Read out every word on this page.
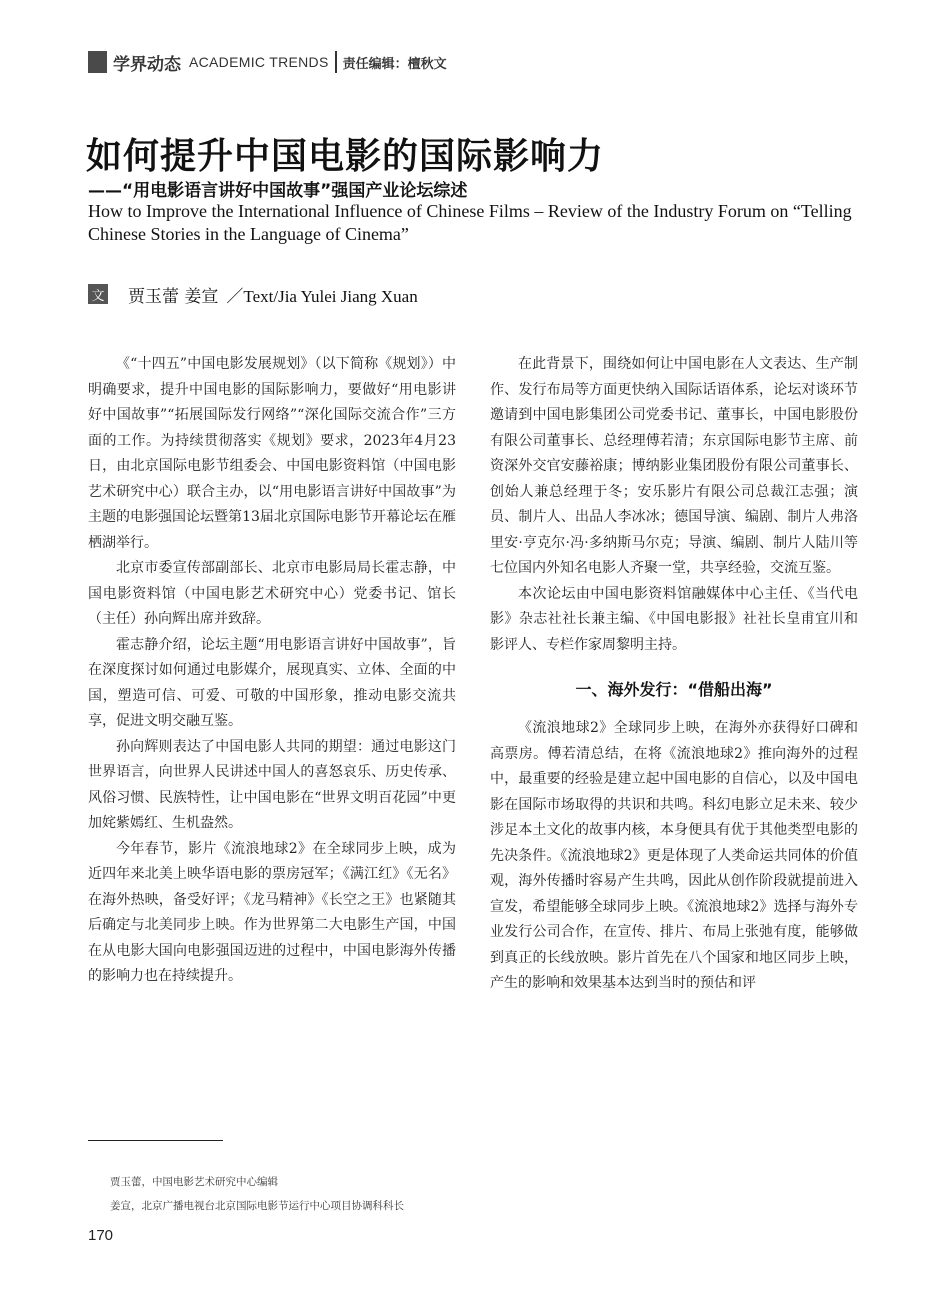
学界动态 ACADEMIC TRENDS 责任编辑：檀秋文
如何提升中国电影的国际影响力
——“用电影语言讲好中国故事”强国产业论坛综述
How to Improve the International Influence of Chinese Films – Review of the Industry Forum on “Telling Chinese Stories in the Language of Cinema”
文 贾玉蕾 姜宣 ／Text/Jia Yulei Jiang Xuan

《“十四五”中国电影发展规划》（以下简称《规划》）中明确要求，提升中国电影的国际影响力，要做好“用电影讲好中国故事”“拓展国际发行网络”“深化国际交流合作”三方面的工作。为持续贯彻落实《规划》要求，2023年4月23日，由北京国际电影节组委会、中国电影资料馆（中国电影艺术研究中心）联合主办，以“用电影语言讲好中国故事”为主题的电影强国论坛暨第13届北京国际电影节开幕论坛在雁栖湖举行。

北京市委宣传部副部长、北京市电影局局长霍志静，中国电影资料馆（中国电影艺术研究中心）党委书记、馆长（主任）孙向辉出席并致辞。

霍志静介绍，论坛主题“用电影语言讲好中国故事”，旨在深度探讨如何通过电影媒介，展现真实、立体、全面的中国，塑造可信、可爱、可敬的中国形象，推动电影交流共享，促进文明交融互鉴。

孙向辉则表达了中国电影人共同的期望：通过电影这门世界语言，向世界人民讲述中国人的喜怒哀乐、历史传承、风俗习惯、民族特性，让中国电影在“世界文明百花园”中更加姹紫嫣红、生机盎然。

今年春节，影片《流浪地球2》在全球同步上映，成为近四年来北美上映华语电影的票房冠军；《满江红》《无名》在海外热映，备受好评；《龙马精神》《长空之王》也紧随其后确定与北美同步上映。作为世界第二大电影生产国，中国在从电影大国向电影强国迈进的过程中，中国电影海外传播的影响力也在持续提升。

在此背景下，围绕如何让中国电影在人文表达、生产制作、发行布局等方面更快纳入国际话语体系，论坛对谈环节邀请到中国电影集团公司党委书记、董事长，中国电影股份有限公司董事长、总经理傅若清；东京国际电影节主席、前资深外交官安藤裕康；博纳影业集团股份有限公司董事长、创始人兼总经理于冬；安乐影片有限公司总裁江志强；演员、制片人、出品人李冰冰；德国导演、编剧、制片人弗洛里安·亨克尔·冯·多纳斯马尔克；导演、编剧、制片人陆川等七位国内外知名电影人齐聚一堂，共享经验，交流互鉴。

本次论坛由中国电影资料馆融媒体中心主任、《当代电影》杂志社社长兼主编、《中国电影报》社社长皇甫宜川和影评人、专栏作家周黎明主持。

一、海外发行：“借船出海”

《流浪地球2》全球同步上映，在海外亦获得好口碑和高票房。傅若清总结，在将《流浪地球2》推向海外的过程中，最重要的经验是建立起中国电影的自信心，以及中国电影在国际市场取得的共识和共鸣。科幻电影立足未来、较少涉足本土文化的故事内核，本身便具有优于其他类型电影的先决条件。《流浪地球2》更是体现了人类命运共同体的价值观，海外传播时容易产生共鸣，因此从创作阶段就提前进入宣发，希望能够全球同步上映。《流浪地球2》选择与海外专业发行公司合作，在宣传、排片、布局上张弛有度，能够做到真正的长线放映。影片首先在八个国家和地区同步上映，产生的影响和效果基本达到当时的预估和评

贾玉蕾，中国电影艺术研究中心编辑
姜宣，北京广播电视台北京国际电影节运行中心项目协调科科长
170
